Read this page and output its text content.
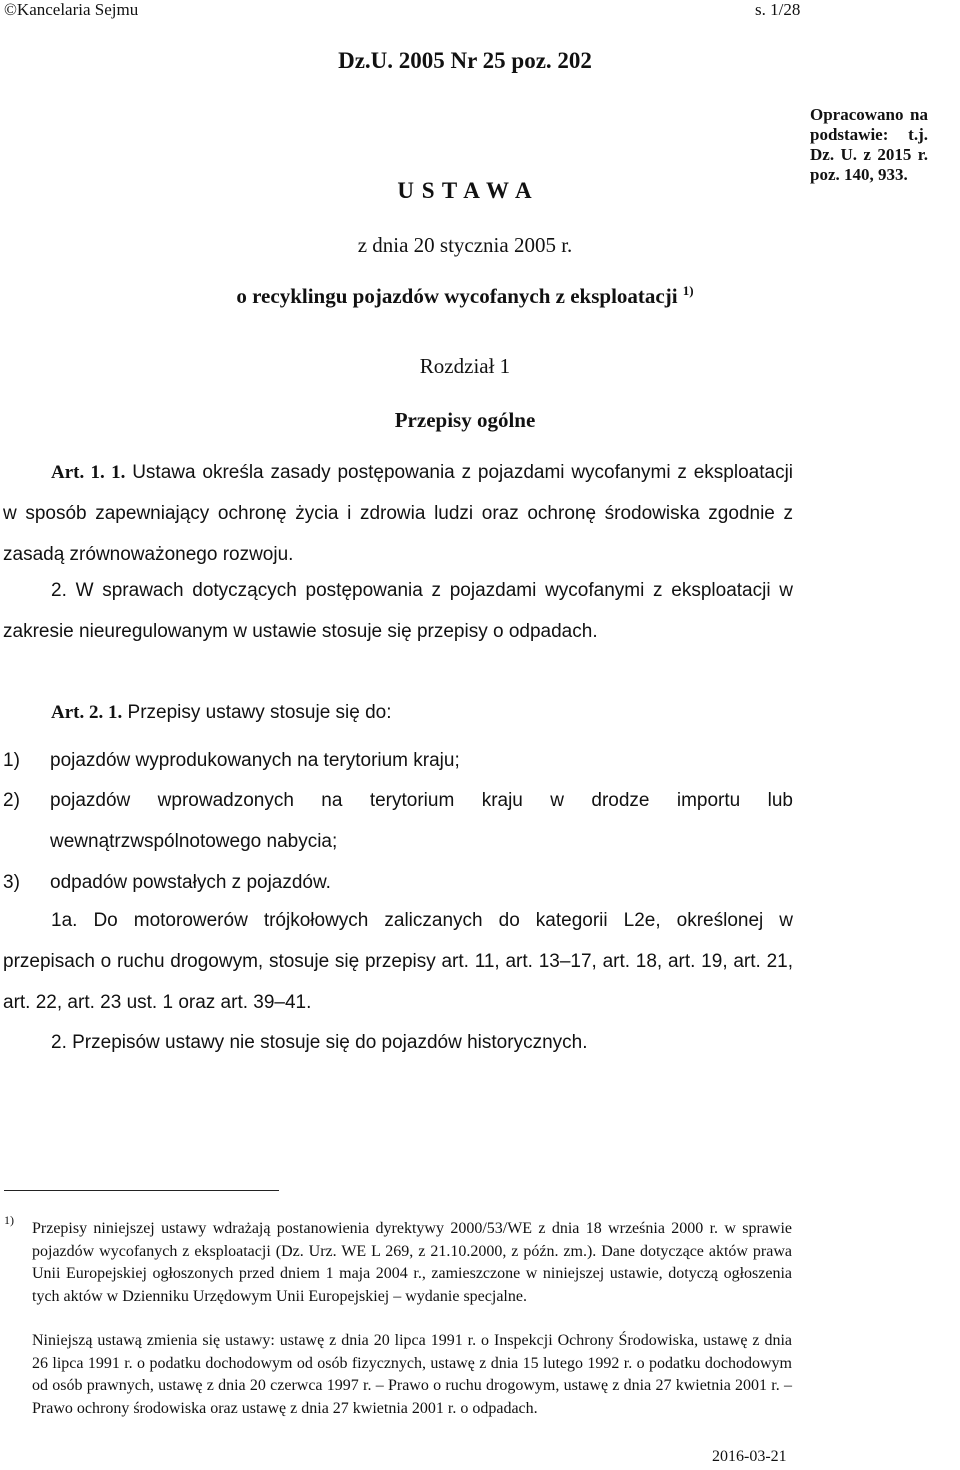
©Kancelaria Sejmu	s. 1/28
Dz.U. 2005 Nr 25 poz. 202
Opracowano na
podstawie: t.j.
Dz. U. z 2015 r.
poz. 140, 933.
U S T A W A
z dnia 20 stycznia 2005 r.
o recyklingu pojazdów wycofanych z eksploatacji $^{1)}$
Rozdział 1
Przepisy ogólne
Art. 1. 1. Ustawa określa zasady postępowania z pojazdami wycofanymi z eksploatacji w sposób zapewniający ochronę życia i zdrowia ludzi oraz ochronę środowiska zgodnie z zasadą zrównoważonego rozwoju.
2. W sprawach dotyczących postępowania z pojazdami wycofanymi z eksploatacji w zakresie nieuregulowanym w ustawie stosuje się przepisy o odpadach.
Art. 2. 1. Przepisy ustawy stosuje się do:
1)	pojazdów wyprodukowanych na terytorium kraju;
2)	pojazdów wprowadzonych na terytorium kraju w drodze importu lub wewnątrzwspólnotowego nabycia;
3)	odpadów powstałych z pojazdów.
1a. Do motorowerów trójkołowych zaliczanych do kategorii L2e, określonej w przepisach o ruchu drogowym, stosuje się przepisy art. 11, art. 13–17, art. 18, art. 19, art. 21, art. 22, art. 23 ust. 1 oraz art. 39–41.
2. Przepisów ustawy nie stosuje się do pojazdów historycznych.
1) Przepisy niniejszej ustawy wdrażają postanowienia dyrektywy 2000/53/WE z dnia 18 września 2000 r. w sprawie pojazdów wycofanych z eksploatacji (Dz. Urz. WE L 269, z 21.10.2000, z późn. zm.). Dane dotyczące aktów prawa Unii Europejskiej ogłoszonych przed dniem 1 maja 2004 r., zamieszczone w niniejszej ustawie, dotyczą ogłoszenia tych aktów w Dzienniku Urzędowym Unii Europejskiej – wydanie specjalne.
Niniejszą ustawą zmienia się ustawy: ustawę z dnia 20 lipca 1991 r. o Inspekcji Ochrony Środowiska, ustawę z dnia 26 lipca 1991 r. o podatku dochodowym od osób fizycznych, ustawę z dnia 15 lutego 1992 r. o podatku dochodowym od osób prawnych, ustawę z dnia 20 czerwca 1997 r. – Prawo o ruchu drogowym, ustawę z dnia 27 kwietnia 2001 r. – Prawo ochrony środowiska oraz ustawę z dnia 27 kwietnia 2001 r. o odpadach.
2016-03-21
